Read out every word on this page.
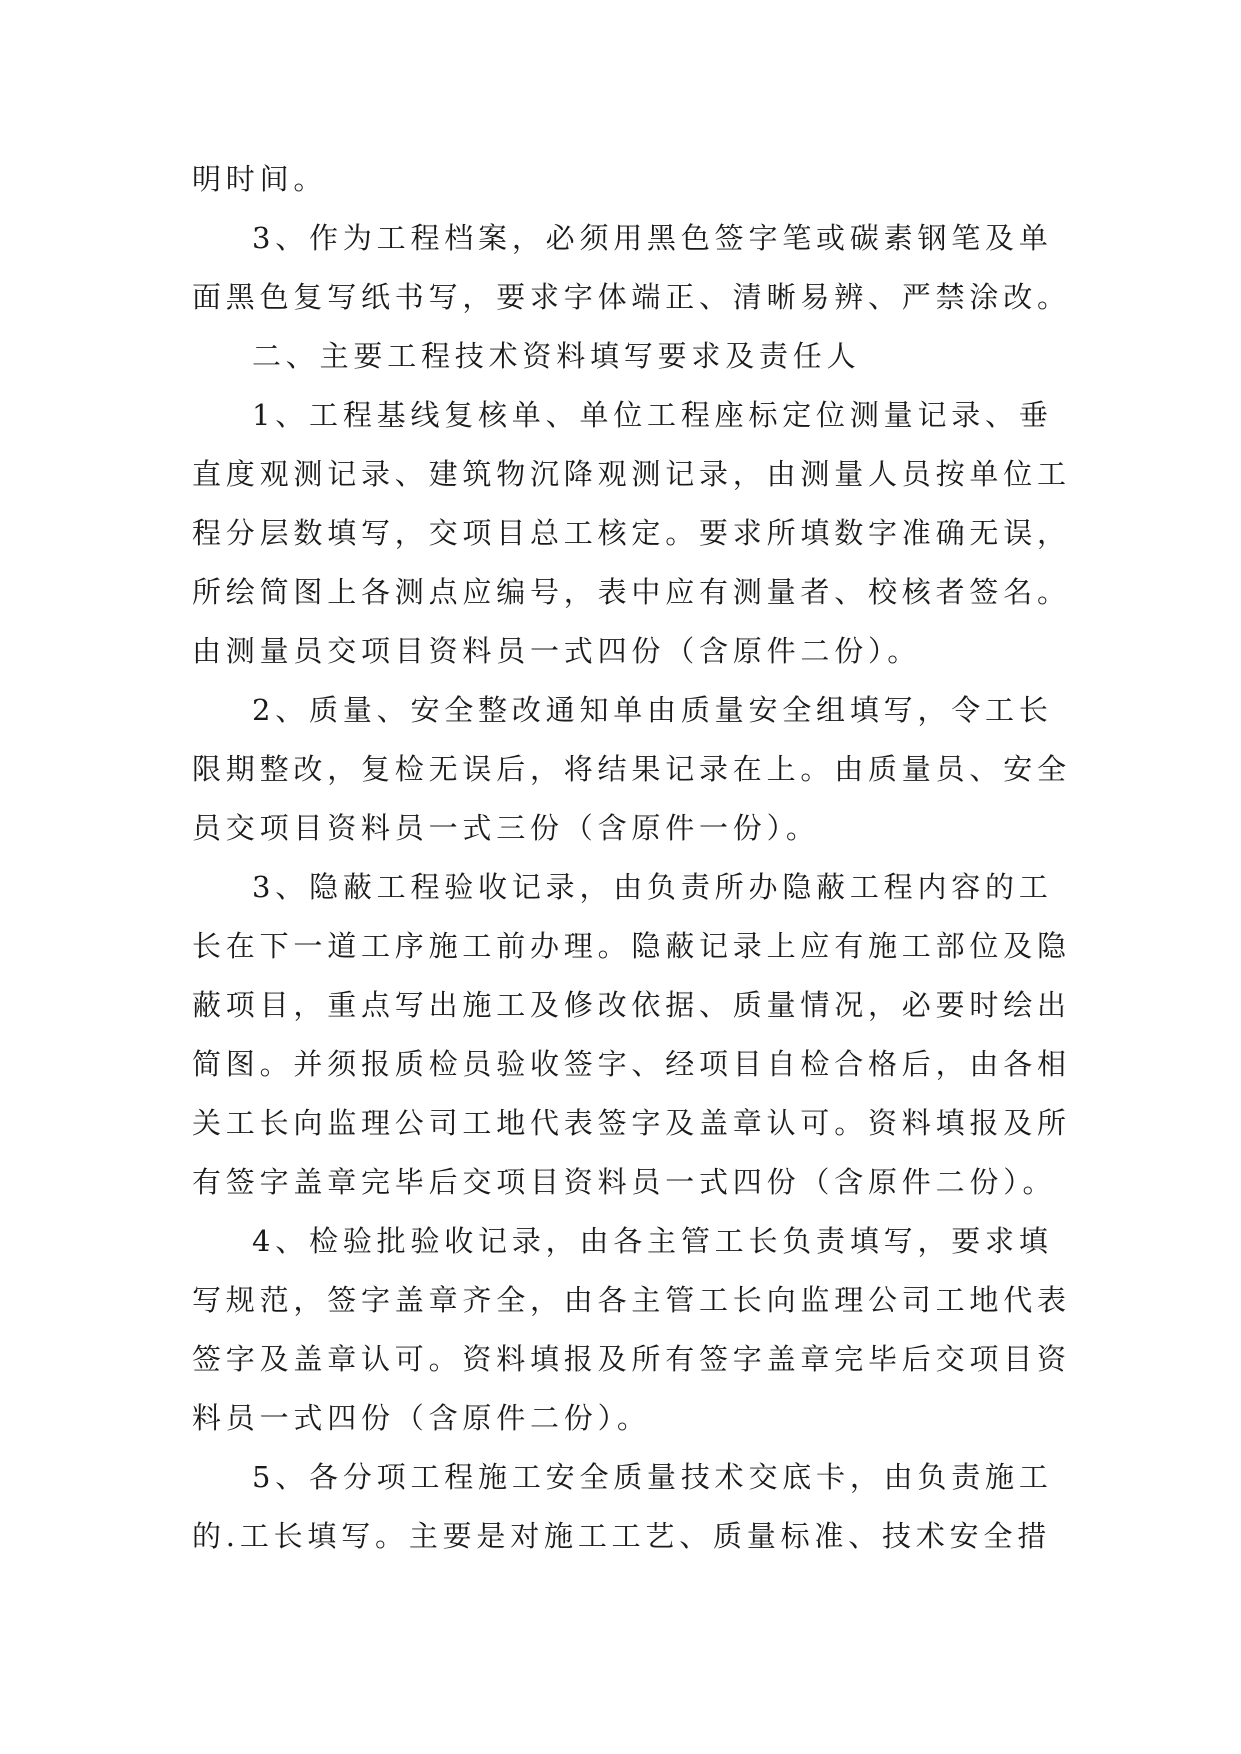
明时间。
3、作为工程档案，必须用黑色签字笔或碳素钢笔及单
面黑色复写纸书写，要求字体端正、清晰易辨、严禁涂改。
二、主要工程技术资料填写要求及责任人
1、工程基线复核单、单位工程座标定位测量记录、垂
直度观测记录、建筑物沉降观测记录，由测量人员按单位工
程分层数填写，交项目总工核定。要求所填数字准确无误，
所绘简图上各测点应编号，表中应有测量者、校核者签名。
由测量员交项目资料员一式四份（含原件二份）。
2、质量、安全整改通知单由质量安全组填写，令工长
限期整改，复检无误后，将结果记录在上。由质量员、安全
员交项目资料员一式三份（含原件一份）。
3、隐蔽工程验收记录，由负责所办隐蔽工程内容的工
长在下一道工序施工前办理。隐蔽记录上应有施工部位及隐
蔽项目，重点写出施工及修改依据、质量情况，必要时绘出
简图。并须报质检员验收签字、经项目自检合格后，由各相
关工长向监理公司工地代表签字及盖章认可。资料填报及所
有签字盖章完毕后交项目资料员一式四份（含原件二份）。
4、检验批验收记录，由各主管工长负责填写，要求填
写规范，签字盖章齐全，由各主管工长向监理公司工地代表
签字及盖章认可。资料填报及所有签字盖章完毕后交项目资
料员一式四份（含原件二份）。
5、各分项工程施工安全质量技术交底卡，由负责施工
的.工长填写。主要是对施工工艺、质量标准、技术安全措
